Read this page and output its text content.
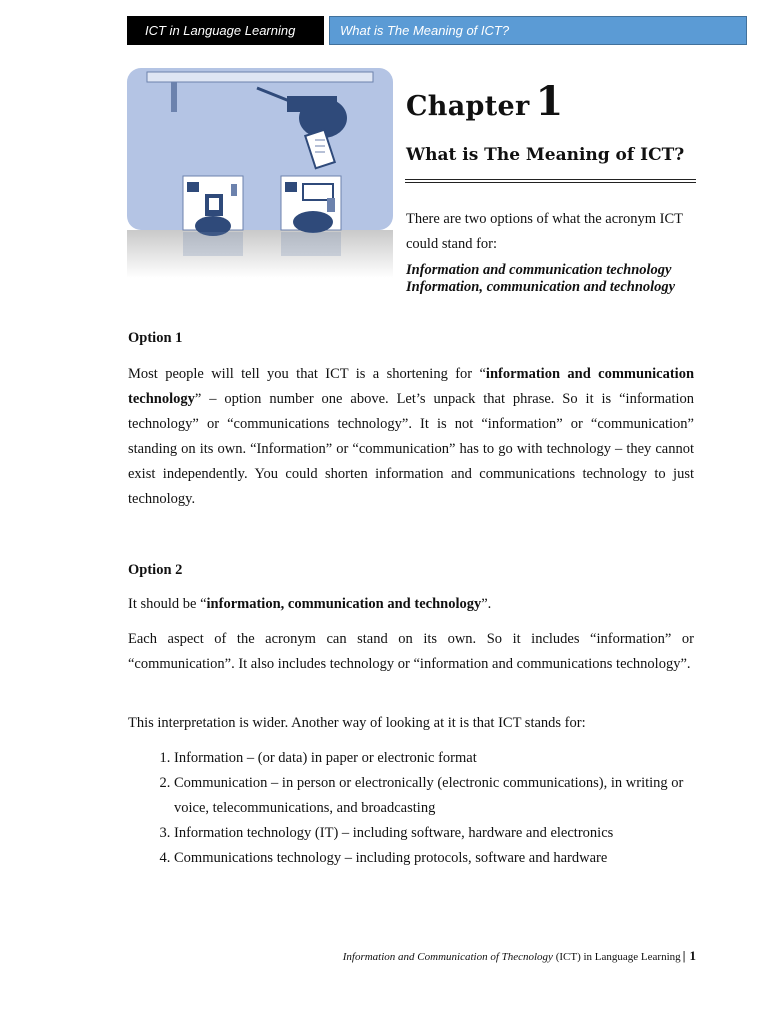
ICT in Language Learning	What is The Meaning of ICT?
Chapter 1
What is The Meaning of ICT?
There are two options of what the acronym ICT could stand for:
Information and communication technology
Information, communication and technology
Option 1
Most people will tell you that ICT is a shortening for “information and communication technology” – option number one above. Let’s unpack that phrase. So it is “information technology” or “communications technology”. It is not “information” or “communication” standing on its own. “Information” or “communication” has to go with technology – they cannot exist independently. You could shorten information and communications technology to just technology.
Option 2
It should be “information, communication and technology”.
Each aspect of the acronym can stand on its own. So it includes “information” or “communication”. It also includes technology or “information and communications technology”.
This interpretation is wider. Another way of looking at it is that ICT stands for:
1. Information – (or data) in paper or electronic format
2. Communication – in person or electronically (electronic communications), in writing or voice, telecommunications, and broadcasting
3. Information technology (IT) – including software, hardware and electronics
4. Communications technology – including protocols, software and hardware
Information and Communication of Thecnology (ICT) in Language Learning | 1
